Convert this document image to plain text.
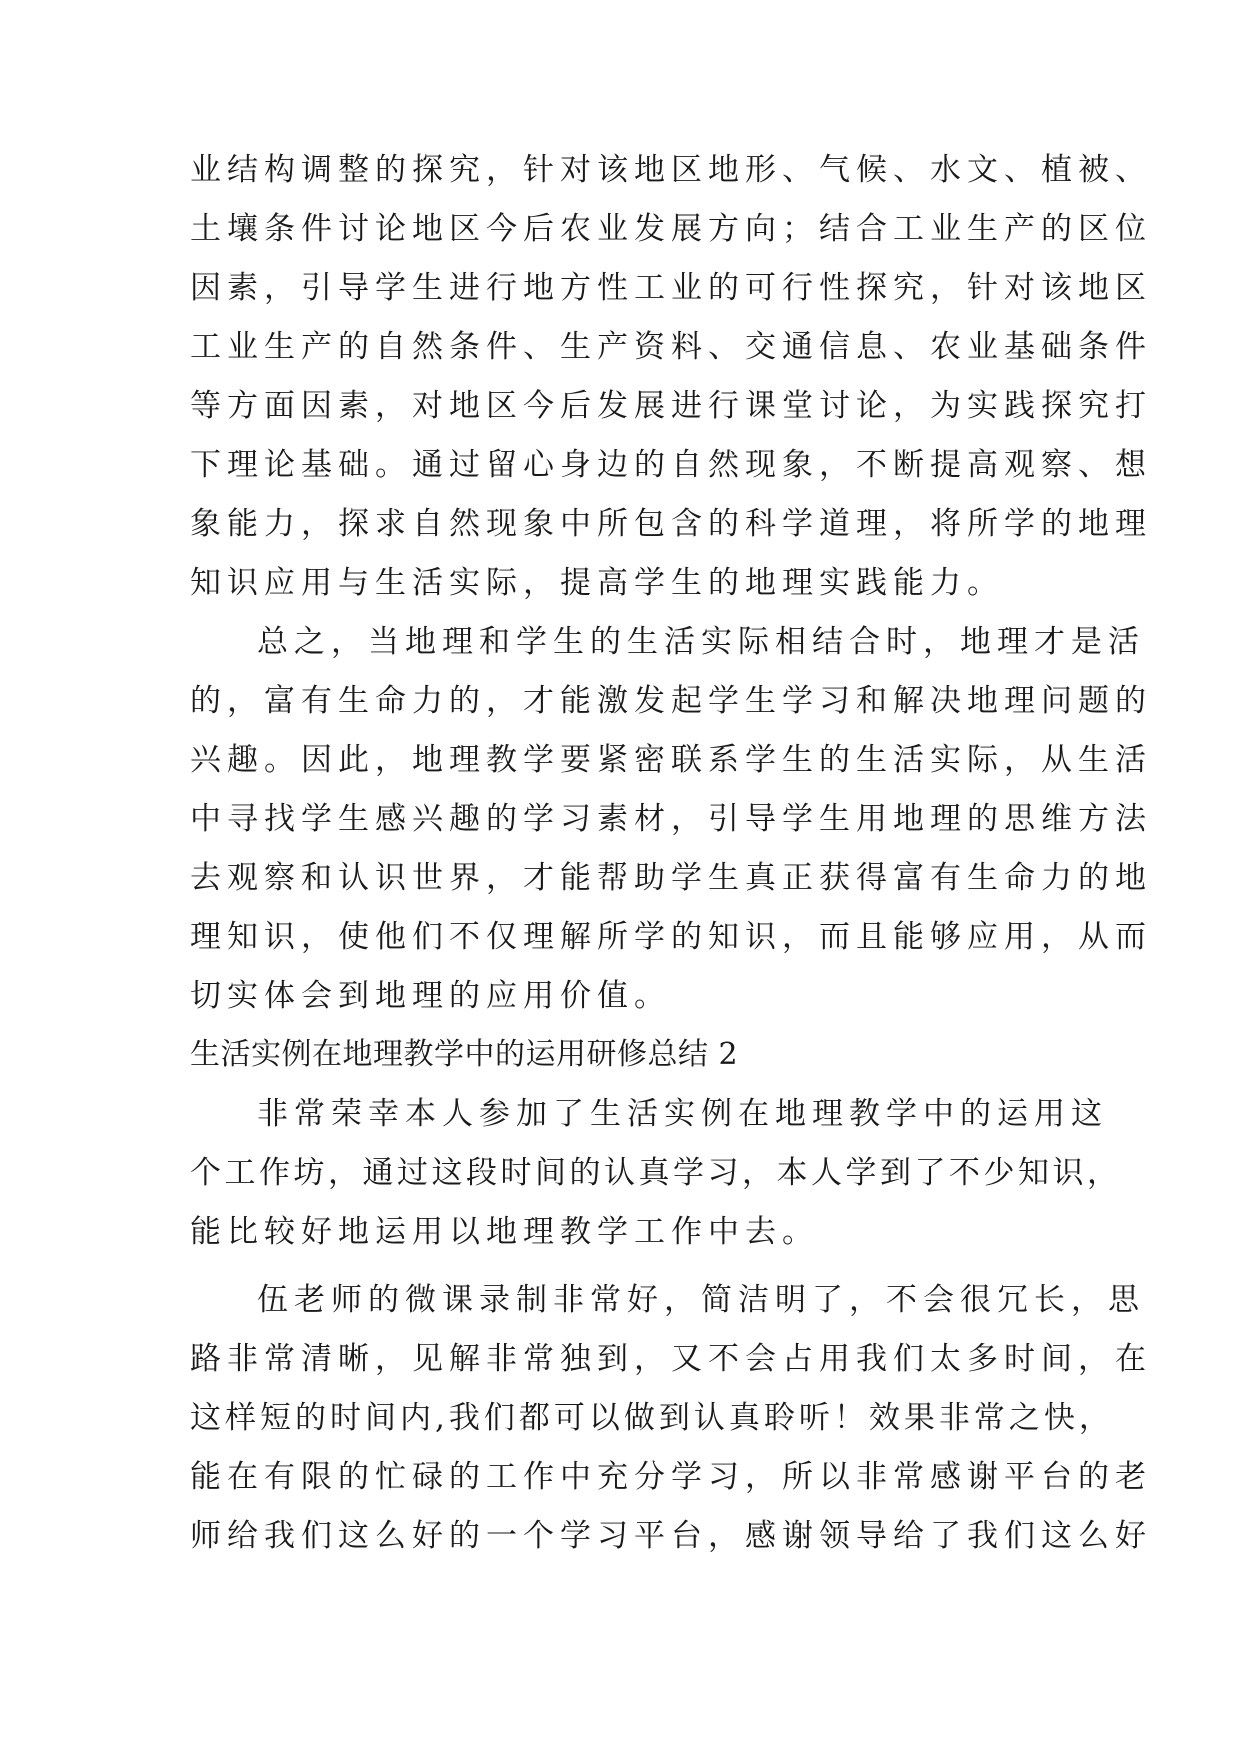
业结构调整的探究，针对该地区地形、气候、水文、植被、
土壤条件讨论地区今后农业发展方向；结合工业生产的区位
因素，引导学生进行地方性工业的可行性探究，针对该地区
工业生产的自然条件、生产资料、交通信息、农业基础条件
等方面因素，对地区今后发展进行课堂讨论，为实践探究打
下理论基础。通过留心身边的自然现象，不断提高观察、想
象能力，探求自然现象中所包含的科学道理，将所学的地理
知识应用与生活实际，提高学生的地理实践能力。
总之，当地理和学生的生活实际相结合时，地理才是活
的，富有生命力的，才能激发起学生学习和解决地理问题的
兴趣。因此，地理教学要紧密联系学生的生活实际，从生活
中寻找学生感兴趣的学习素材，引导学生用地理的思维方法
去观察和认识世界，才能帮助学生真正获得富有生命力的地
理知识，使他们不仅理解所学的知识，而且能够应用，从而
切实体会到地理的应用价值。
生活实例在地理教学中的运用研修总结 2
非常荣幸本人参加了生活实例在地理教学中的运用这
个工作坊，通过这段时间的认真学习，本人学到了不少知识，
能比较好地运用以地理教学工作中去。
伍老师的微课录制非常好，简洁明了，不会很冗长，思
路非常清晰，见解非常独到，又不会占用我们太多时间，在
这样短的时间内,我们都可以做到认真聆听！效果非常之快，
能在有限的忙碌的工作中充分学习，所以非常感谢平台的老
师给我们这么好的一个学习平台，感谢领导给了我们这么好
